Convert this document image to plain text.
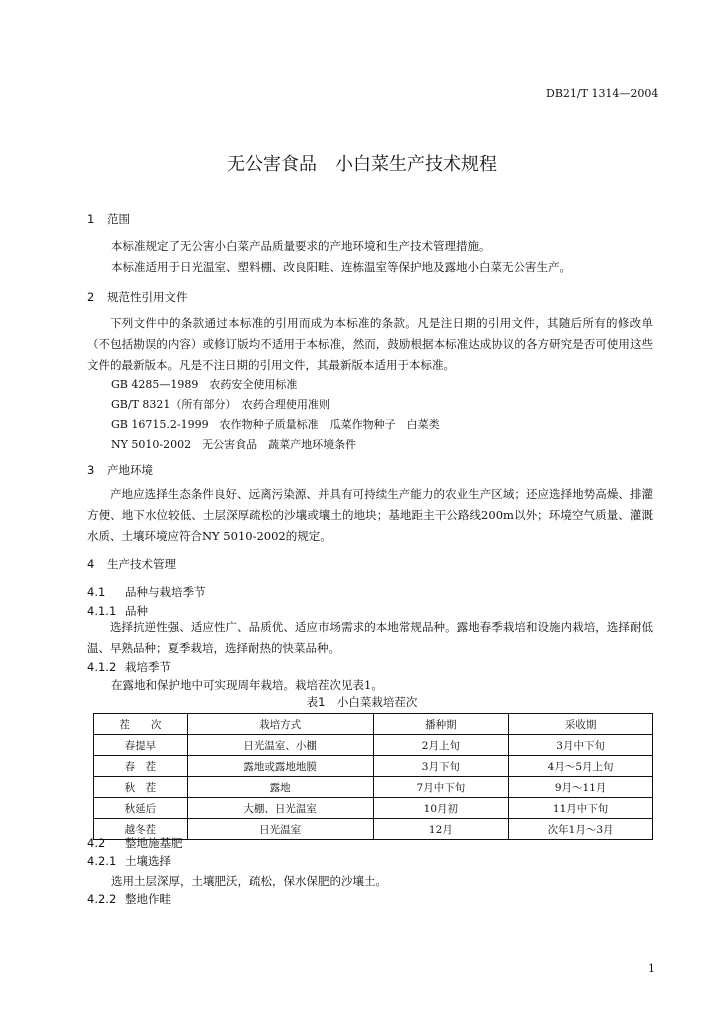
DB21/T 1314—2004
无公害食品　小白菜生产技术规程
1 范围
本标准规定了无公害小白菜产品质量要求的产地环境和生产技术管理措施。
本标准适用于日光温室、塑料棚、改良阳畦、连栋温室等保护地及露地小白菜无公害生产。
2 规范性引用文件
下列文件中的条款通过本标准的引用而成为本标准的条款。凡是注日期的引用文件，其随后所有的修改单（不包括勘误的内容）或修订版均不适用于本标准，然而，鼓励根据本标准达成协议的各方研究是否可使用这些文件的最新版本。凡是不注日期的引用文件，其最新版本适用于本标准。
GB 4285—1989　农药安全使用标准
GB/T 8321（所有部分）　农药合理使用准则
GB 16715.2-1999　农作物种子质量标准　瓜菜作物种子　白菜类
NY 5010-2002　无公害食品　蔬菜产地环境条件
3 产地环境
产地应选择生态条件良好、远离污染源、并具有可持续生产能力的农业生产区域；还应选择地势高燥、排灌方便、地下水位较低、土层深厚疏松的沙壤或壤土的地块；基地距主干公路线200m以外；环境空气质量、灌溉水质、土壤环境应符合NY 5010-2002的规定。
4 生产技术管理
4.1 品种与栽培季节
4.1.1 品种
选择抗逆性强、适应性广、品质优、适应市场需求的本地常规品种。露地春季栽培和设施内栽培，选择耐低温、早熟品种；夏季栽培，选择耐热的快菜品种。
4.1.2 栽培季节
在露地和保护地中可实现周年栽培。栽培茬次见表1。
表1　小白菜栽培茬次
茬　　次	栽培方式	播种期	采收期
春提早	日光温室、小棚	2月上旬	3月中下旬
春　茬	露地或露地地膜	3月下旬	4月～5月上旬
秋　茬	露地	7月中下旬	9月～11月
秋延后	大棚、日光温室	10月初	11月中下旬
越冬茬	日光温室	12月	次年1月～3月
4.2 整地施基肥
4.2.1 土壤选择
选用土层深厚，土壤肥沃，疏松，保水保肥的沙壤土。
4.2.2 整地作畦
1
